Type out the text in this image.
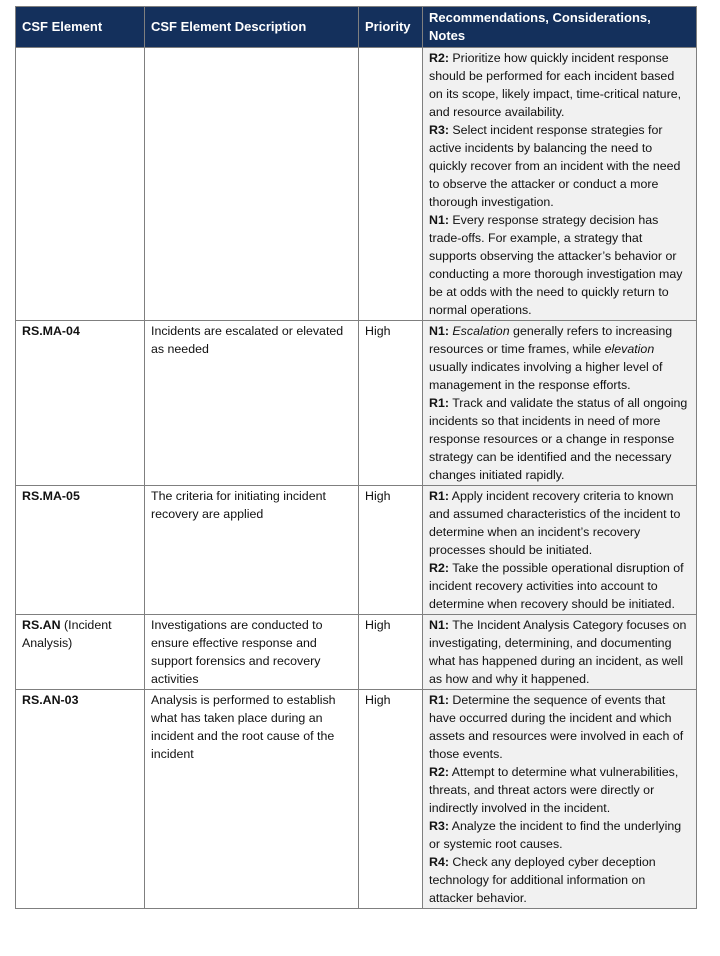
CSF Element	CSF Element Description	Priority	Recommendations, Considerations, Notes

			R2: Prioritize how quickly incident response should be performed for each incident based on its scope, likely impact, time-critical nature, and resource availability.
R3: Select incident response strategies for active incidents by balancing the need to quickly recover from an incident with the need to observe the attacker or conduct a more thorough investigation.
N1: Every response strategy decision has trade-offs. For example, a strategy that supports observing the attacker’s behavior or conducting a more thorough investigation may be at odds with the need to quickly return to normal operations.

RS.MA-04	Incidents are escalated or elevated as needed	High	N1: Escalation generally refers to increasing resources or time frames, while elevation usually indicates involving a higher level of management in the response efforts.
R1: Track and validate the status of all ongoing incidents so that incidents in need of more response resources or a change in response strategy can be identified and the necessary changes initiated rapidly.

RS.MA-05	The criteria for initiating incident recovery are applied	High	R1: Apply incident recovery criteria to known and assumed characteristics of the incident to determine when an incident’s recovery processes should be initiated.
R2: Take the possible operational disruption of incident recovery activities into account to determine when recovery should be initiated.

RS.AN (Incident Analysis)	Investigations are conducted to ensure effective response and support forensics and recovery activities	High	N1: The Incident Analysis Category focuses on investigating, determining, and documenting what has happened during an incident, as well as how and why it happened.

RS.AN-03	Analysis is performed to establish what has taken place during an incident and the root cause of the incident	High	R1: Determine the sequence of events that have occurred during the incident and which assets and resources were involved in each of those events.
R2: Attempt to determine what vulnerabilities, threats, and threat actors were directly or indirectly involved in the incident.
R3: Analyze the incident to find the underlying or systemic root causes.
R4: Check any deployed cyber deception technology for additional information on attacker behavior.
